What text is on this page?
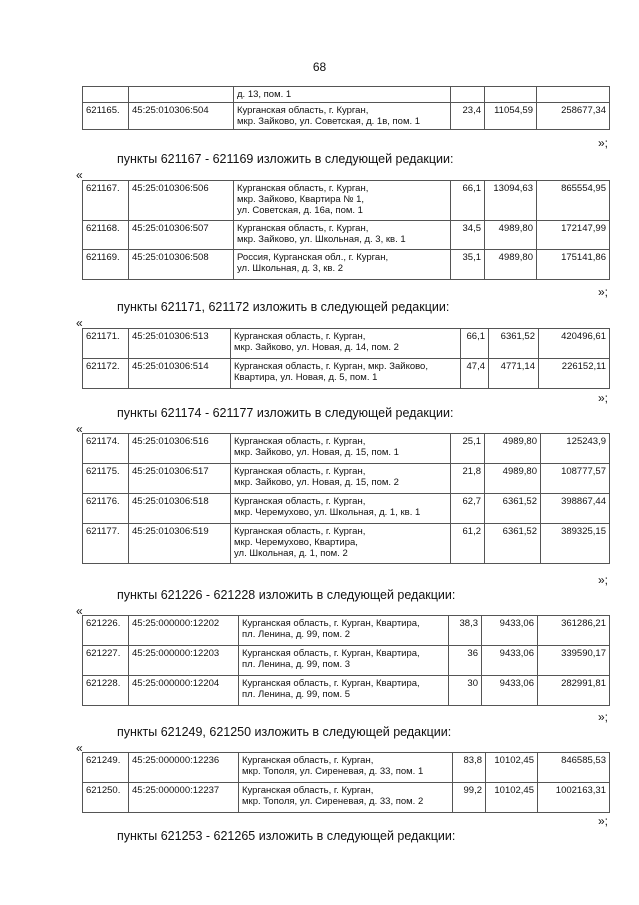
68
		д. 13, пом. 1			
621165.	45:25:010306:504	Курганская область, г. Курган,
мкр. Зайково, ул. Советская, д. 1в, пом. 1	23,4	11054,59	258677,34
»;
пункты 621167 - 621169 изложить в следующей редакции:
«
621167.	45:25:010306:506	Курганская область, г. Курган,
мкр. Зайково, Квартира № 1,
ул. Советская, д. 16а, пом. 1	66,1	13094,63	865554,95
621168.	45:25:010306:507	Курганская область, г. Курган,
мкр. Зайково, ул. Школьная, д. 3, кв. 1	34,5	4989,80	172147,99
621169.	45:25:010306:508	Россия, Курганская обл., г. Курган,
ул. Школьная, д. 3, кв. 2	35,1	4989,80	175141,86
»;
пункты 621171, 621172 изложить в следующей редакции:
«
621171.	45:25:010306:513	Курганская область, г. Курган,
мкр. Зайково, ул. Новая, д. 14, пом. 2	66,1	6361,52	420496,61
621172.	45:25:010306:514	Курганская область, г. Курган, мкр. Зайково,
Квартира, ул. Новая, д. 5, пом. 1	47,4	4771,14	226152,11
»;
пункты 621174 - 621177 изложить в следующей редакции:
«
621174.	45:25:010306:516	Курганская область, г. Курган,
мкр. Зайково, ул. Новая, д. 15, пом. 1	25,1	4989,80	125243,9
621175.	45:25:010306:517	Курганская область, г. Курган,
мкр. Зайково, ул. Новая, д. 15, пом. 2	21,8	4989,80	108777,57
621176.	45:25:010306:518	Курганская область, г. Курган,
мкр. Черемухово, ул. Школьная, д. 1, кв. 1	62,7	6361,52	398867,44
621177.	45:25:010306:519	Курганская область, г. Курган,
мкр. Черемухово, Квартира,
ул. Школьная, д. 1, пом. 2	61,2	6361,52	389325,15
»;
пункты 621226 - 621228 изложить в следующей редакции:
«
621226.	45:25:000000:12202	Курганская область, г. Курган, Квартира,
пл. Ленина, д. 99, пом. 2	38,3	9433,06	361286,21
621227.	45:25:000000:12203	Курганская область, г. Курган, Квартира,
пл. Ленина, д. 99, пом. 3	36	9433,06	339590,17
621228.	45:25:000000:12204	Курганская область, г. Курган, Квартира,
пл. Ленина, д. 99, пом. 5	30	9433,06	282991,81
»;
пункты 621249, 621250 изложить в следующей редакции:
«
621249.	45:25:000000:12236	Курганская область, г. Курган,
мкр. Тополя, ул. Сиреневая, д. 33, пом. 1	83,8	10102,45	846585,53
621250.	45:25:000000:12237	Курганская область, г. Курган,
мкр. Тополя, ул. Сиреневая, д. 33, пом. 2	99,2	10102,45	1002163,31
»;
пункты 621253 - 621265 изложить в следующей редакции:
